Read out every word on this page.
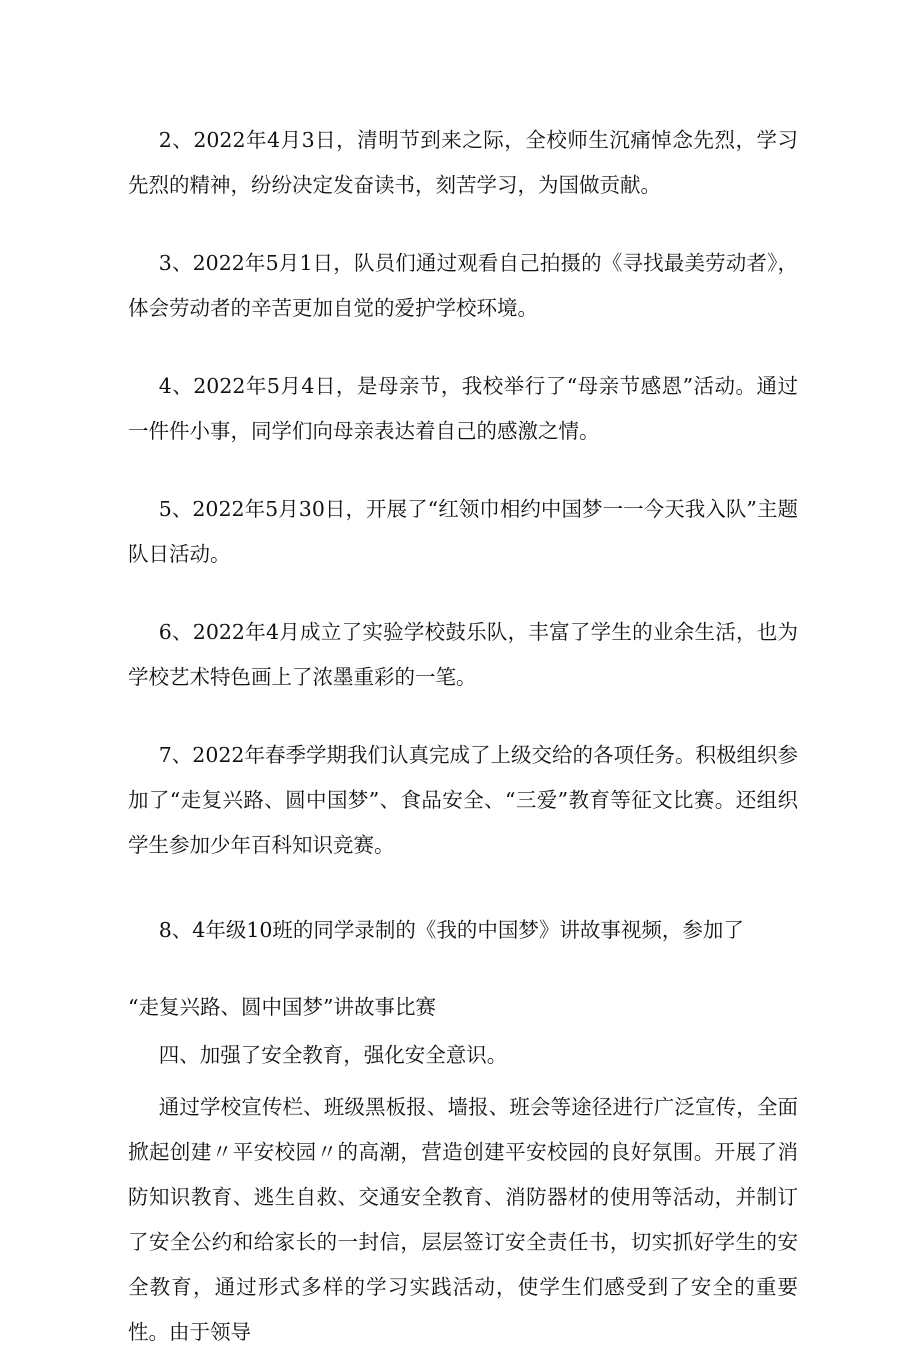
2、2022年4月3日，清明节到来之际，全校师生沉痛悼念先烈，学习先烈的精神，纷纷决定发奋读书，刻苦学习，为国做贡献。

3、2022年5月1日，队员们通过观看自己拍摄的《寻找最美劳动者》，体会劳动者的辛苦更加自觉的爱护学校环境。

4、2022年5月4日，是母亲节，我校举行了“母亲节感恩”活动。通过一件件小事，同学们向母亲表达着自己的感激之情。

5、2022年5月30日，开展了“红领巾相约中国梦一一今天我入队”主题队日活动。

6、2022年4月成立了实验学校鼓乐队，丰富了学生的业余生活，也为学校艺术特色画上了浓墨重彩的一笔。

7、2022年春季学期我们认真完成了上级交给的各项任务。积极组织参加了“走复兴路、圆中国梦”、食品安全、“三爱”教育等征文比赛。还组织学生参加少年百科知识竞赛。

8、4年级10班的同学录制的《我的中国梦》讲故事视频，参加了

“走复兴路、圆中国梦”讲故事比赛

四、加强了安全教育，强化安全意识。

通过学校宣传栏、班级黑板报、墙报、班会等途径进行广泛宣传，全面掀起创建〃平安校园〃的高潮，营造创建平安校园的良好氛围。开展了消防知识教育、逃生自救、交通安全教育、消防器材的使用等活动，并制订了安全公约和给家长的一封信，层层签订安全责任书，切实抓好学生的安全教育，通过形式多样的学习实践活动，使学生们感受到了安全的重要性。由于领导
